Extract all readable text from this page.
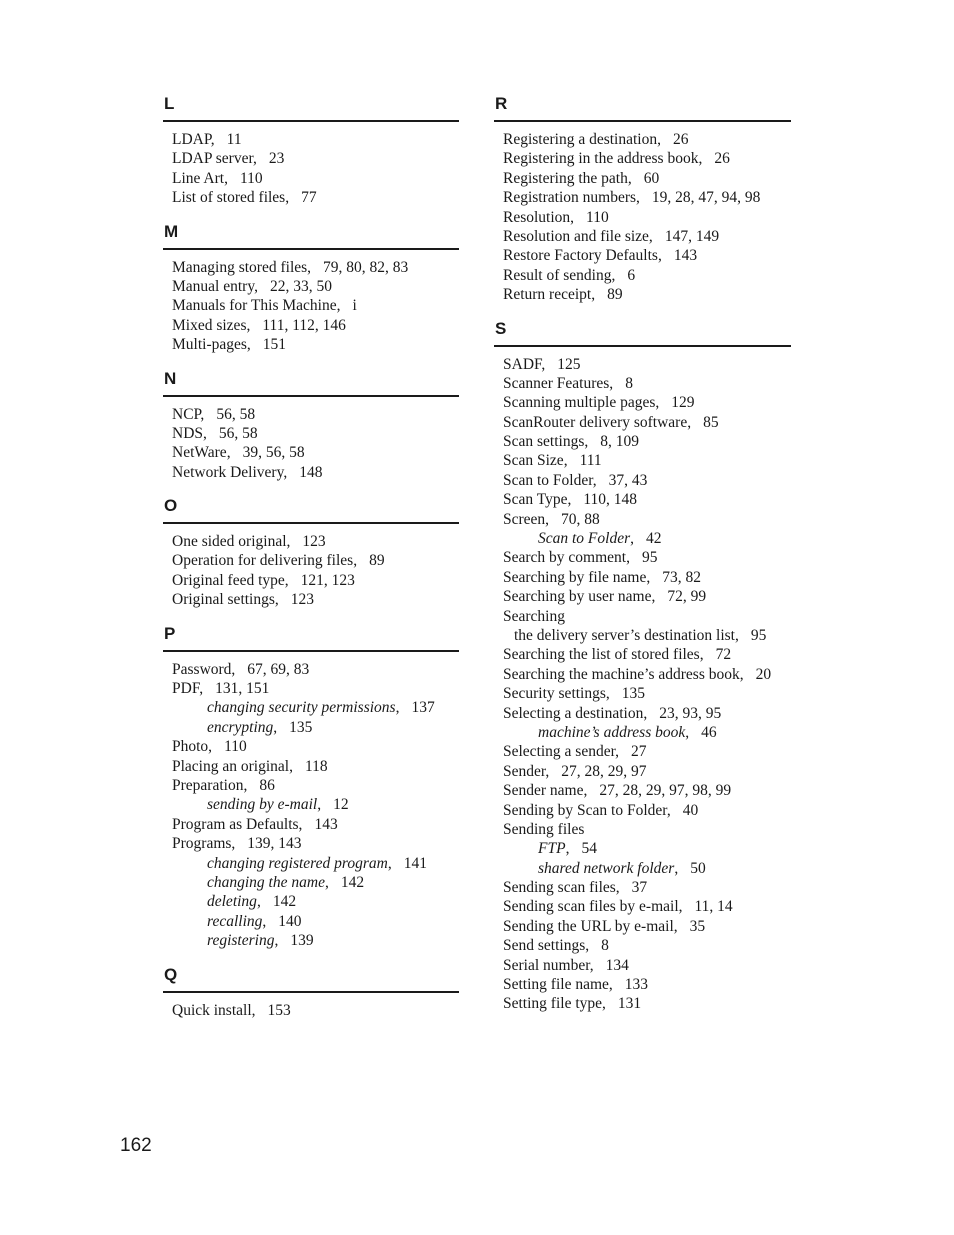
L
LDAP, 11
LDAP server, 23
Line Art, 110
List of stored files, 77
M
Managing stored files, 79, 80, 82, 83
Manual entry, 22, 33, 50
Manuals for This Machine, i
Mixed sizes, 111, 112, 146
Multi-pages, 151
N
NCP, 56, 58
NDS, 56, 58
NetWare, 39, 56, 58
Network Delivery, 148
O
One sided original, 123
Operation for delivering files, 89
Original feed type, 121, 123
Original settings, 123
P
Password, 67, 69, 83
PDF, 131, 151
changing security permissions, 137
encrypting, 135
Photo, 110
Placing an original, 118
Preparation, 86
sending by e-mail, 12
Program as Defaults, 143
Programs, 139, 143
changing registered program, 141
changing the name, 142
deleting, 142
recalling, 140
registering, 139
Q
Quick install, 153
R
Registering a destination, 26
Registering in the address book, 26
Registering the path, 60
Registration numbers, 19, 28, 47, 94, 98
Resolution, 110
Resolution and file size, 147, 149
Restore Factory Defaults, 143
Result of sending, 6
Return receipt, 89
S
SADF, 125
Scanner Features, 8
Scanning multiple pages, 129
ScanRouter delivery software, 85
Scan settings, 8, 109
Scan Size, 111
Scan to Folder, 37, 43
Scan Type, 110, 148
Screen, 70, 88
Scan to Folder, 42
Search by comment, 95
Searching by file name, 73, 82
Searching by user name, 72, 99
Searching
the delivery server’s destination list, 95
Searching the list of stored files, 72
Searching the machine’s address book, 20
Security settings, 135
Selecting a destination, 23, 93, 95
machine’s address book, 46
Selecting a sender, 27
Sender, 27, 28, 29, 97
Sender name, 27, 28, 29, 97, 98, 99
Sending by Scan to Folder, 40
Sending files
FTP, 54
shared network folder, 50
Sending scan files, 37
Sending scan files by e-mail, 11, 14
Sending the URL by e-mail, 35
Send settings, 8
Serial number, 134
Setting file name, 133
Setting file type, 131
162
